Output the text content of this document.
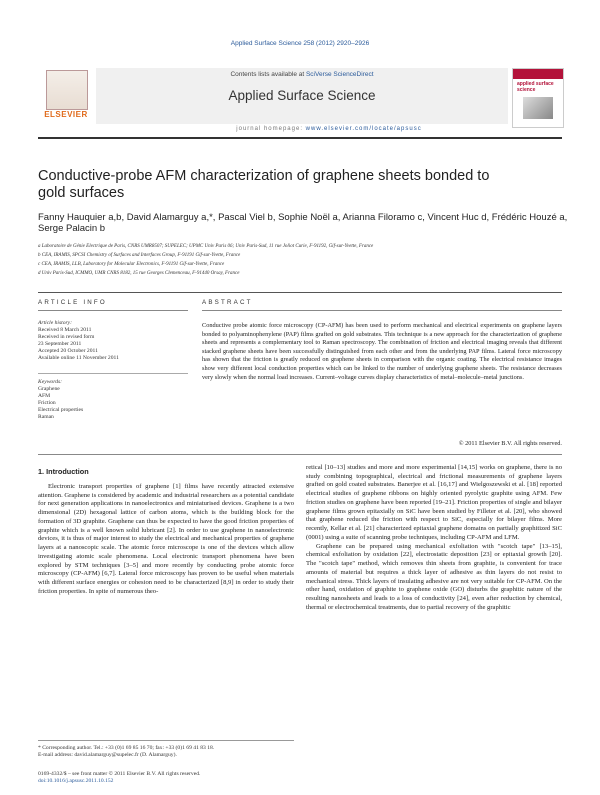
Applied Surface Science 258 (2012) 2920–2926
ELSEVIER
Contents lists available at SciVerse ScienceDirect
Applied Surface Science
applied surface science
journal homepage: www.elsevier.com/locate/apsusc
Conductive-probe AFM characterization of graphene sheets bonded to gold surfaces
Fanny Hauquier a,b, David Alamarguy a,*, Pascal Viel b, Sophie Noël a, Arianna Filoramo c, Vincent Huc d, Frédéric Houzé a, Serge Palacin b
a Laboratoire de Génie Electrique de Paris, CNRS UMR8507; SUPELEC; UPMC Univ Paris 06; Univ Paris-Sud, 11 rue Joliot Curie, F-91192, Gif-sur-Yvette, France
b CEA, IRAMIS, SPCSI Chemistry of Surfaces and Interfaces Group, F-91191 Gif-sur-Yvette, France
c CEA, IRAMIS, LLB, Laboratory for Molecular Electronics, F-91191 Gif-sur-Yvette, France
d Univ Paris-Sud, ICMMO, UMR CNRS 8182, 15 rue Georges Clemenceau, F-91440 Orsay, France
ARTICLE INFO	ABSTRACT
Article history:
Received 8 March 2011
Received in revised form
23 September 2011
Accepted 20 October 2011
Available online 11 November 2011
Keywords:
Graphene
AFM
Friction
Electrical properties
Raman
Conductive probe atomic force microscopy (CP-AFM) has been used to perform mechanical and electrical experiments on graphene layers bonded to polyaminophenylene (PAP) films grafted on gold substrates. This technique is a new approach for the characterization of graphene sheets and represents a complementary tool to Raman spectroscopy. The combination of friction and electrical imaging reveals that different stacked graphene sheets have been successfully distinguished from each other and from the underlying PAP films. Lateral force microscopy has shown that the friction is greatly reduced on graphene sheets in comparison with the organic coating. The electrical resistance images show very different local conduction properties which can be linked to the number of underlying graphene sheets. The resistance decreases very slowly when the normal load increases. Current–voltage curves display characteristics of metal–molecule–metal junctions.
© 2011 Elsevier B.V. All rights reserved.
1. Introduction

Electronic transport properties of graphene [1] films have recently attracted extensive attention. Graphene is considered by academic and industrial researchers as a potential candidate for next generation applications in nanoelectronics and miniaturised devices. Graphene is a two dimensional (2D) hexagonal lattice of carbon atoms, which is the building block for the formation of 3D graphite. Graphene can thus be expected to have the good friction properties of graphite which is a well known solid lubricant [2]. In order to use graphene in nanoelectronic devices, it is thus of major interest to study the electrical and mechanical properties of graphene layers at a nanoscopic scale. The atomic force microscope is one of the devices which allow investigating atomic scale phenomena. Local electronic transport phenomena have been explored by STM techniques [3–5] and more recently by conducting probe atomic force microscopy (CP-AFM) [6,7]. Lateral force microscopy has proven to be useful when materials with different surface energies or cohesion need to be characterized [8,9] in order to study their friction properties. In spite of numerous theo-

retical [10–13] studies and more and more experimental [14,15] works on graphene, there is no study combining topographical, electrical and frictional measurements of graphene layers grafted on gold coated substrates. Banerjee et al. [16,17] and Wielgoszewski et al. [18] reported electrical studies of graphene ribbons on highly oriented pyrolytic graphite using AFM. Few friction studies on graphene have been reported [19–21]. Friction properties of single and bilayer graphene films grown epitaxially on SiC have been studied by Filleter et al. [20], who showed that graphene reduced the friction with respect to SiC, especially for bilayer films. More recently, Kellar et al. [21] characterized epitaxial graphene domains on partially graphitized SiC (0001) using a suite of scanning probe techniques, including CP-AFM and LFM.

Graphene can be prepared using mechanical exfoliation with "scotch tape" [13–15], chemical exfoliation by oxidation [22], electrostatic deposition [23] or epitaxial growth [20]. The "scotch tape" method, which removes thin sheets from graphite, is convenient for trace amounts of material but requires a thick layer of adhesive as thin layers do not resist to mechanical stress. Thick layers of insulating adhesive are not very suitable for CP-AFM. On the other hand, oxidation of graphite to graphene oxide (GO) disturbs the graphitic nature of the resulting nanosheets and leads to a loss of conductivity [24], even after reduction by chemical, thermal or electrochemical treatments, due to partial recovery of the graphitic

* Corresponding author. Tel.: +33 (0)1 69 85 16 70; fax: +33 (0)1 69 41 83 18.
E-mail address: david.alamarguy@supelec.fr (D. Alamarguy).
0169-4332/$ – see front matter © 2011 Elsevier B.V. All rights reserved.
doi:10.1016/j.apsusc.2011.10.152
